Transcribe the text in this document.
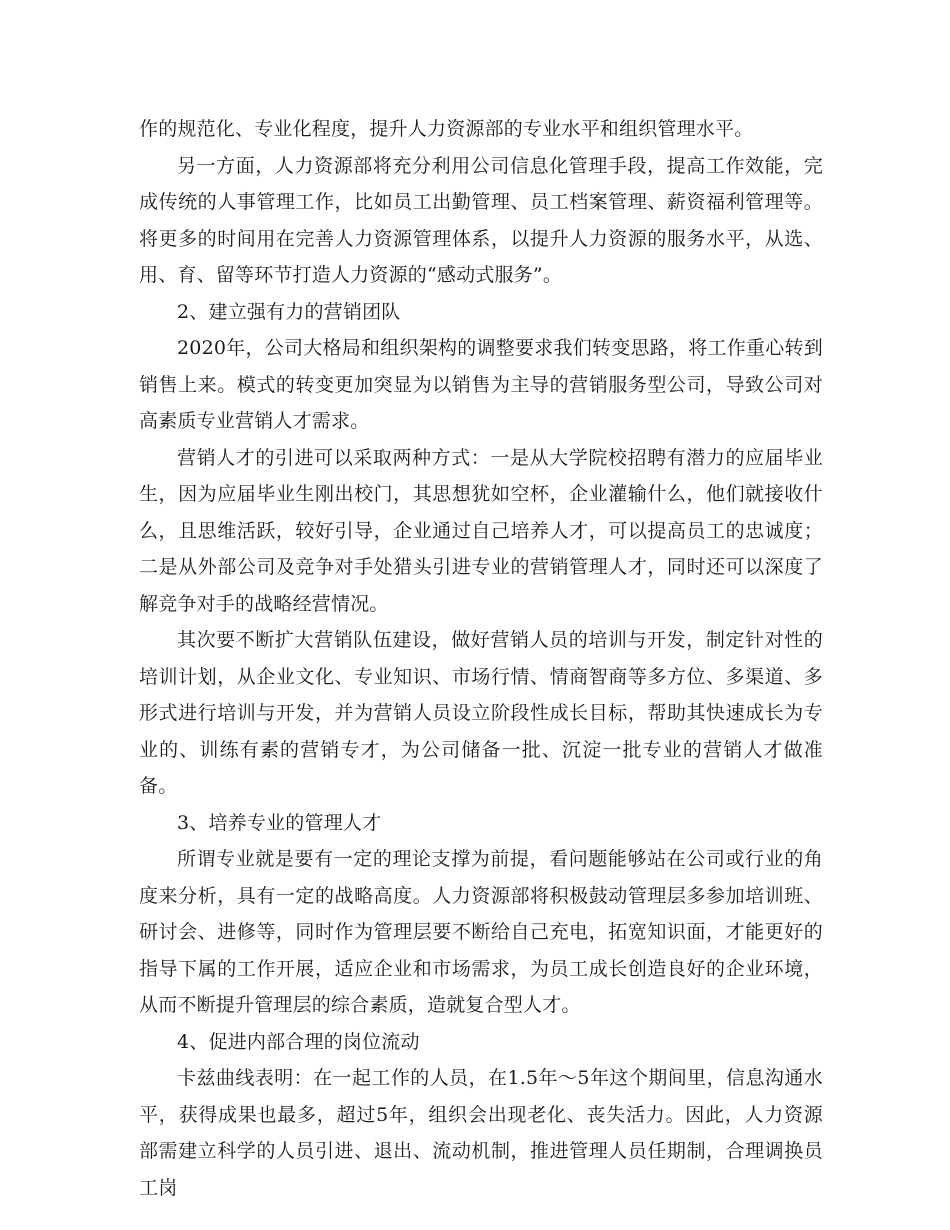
作的规范化、专业化程度，提升人力资源部的专业水平和组织管理水平。

另一方面，人力资源部将充分利用公司信息化管理手段，提高工作效能，完成传统的人事管理工作，比如员工出勤管理、员工档案管理、薪资福利管理等。将更多的时间用在完善人力资源管理体系，以提升人力资源的服务水平，从选、用、育、留等环节打造人力资源的“感动式服务”。

2、建立强有力的营销团队

2020年，公司大格局和组织架构的调整要求我们转变思路，将工作重心转到销售上来。模式的转变更加突显为以销售为主导的营销服务型公司，导致公司对高素质专业营销人才需求。

营销人才的引进可以采取两种方式：一是从大学院校招聘有潜力的应届毕业生，因为应届毕业生刚出校门，其思想犹如空杯，企业灌输什么，他们就接收什么，且思维活跃，较好引导，企业通过自己培养人才，可以提高员工的忠诚度；二是从外部公司及竞争对手处猎头引进专业的营销管理人才，同时还可以深度了解竞争对手的战略经营情况。

其次要不断扩大营销队伍建设，做好营销人员的培训与开发，制定针对性的培训计划，从企业文化、专业知识、市场行情、情商智商等多方位、多渠道、多形式进行培训与开发，并为营销人员设立阶段性成长目标，帮助其快速成长为专业的、训练有素的营销专才，为公司储备一批、沉淀一批专业的营销人才做准备。

3、培养专业的管理人才

所谓专业就是要有一定的理论支撑为前提，看问题能够站在公司或行业的角度来分析，具有一定的战略高度。人力资源部将积极鼓动管理层多参加培训班、研讨会、进修等，同时作为管理层要不断给自己充电，拓宽知识面，才能更好的指导下属的工作开展，适应企业和市场需求，为员工成长创造良好的企业环境，从而不断提升管理层的综合素质，造就复合型人才。

4、促进内部合理的岗位流动

卡兹曲线表明：在一起工作的人员，在1.5年～5年这个期间里，信息沟通水平，获得成果也最多，超过5年，组织会出现老化、丧失活力。因此，人力资源部需建立科学的人员引进、退出、流动机制，推进管理人员任期制，合理调换员工岗
